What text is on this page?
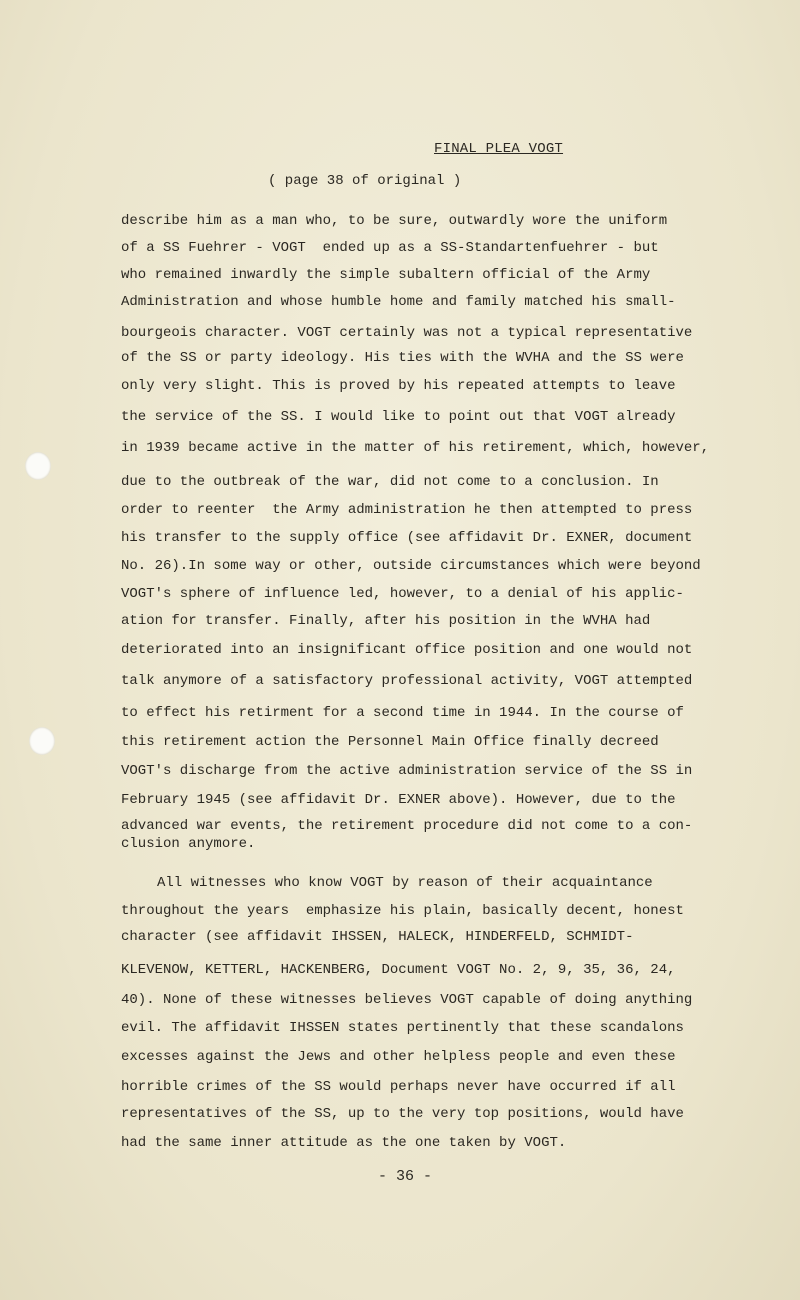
FINAL PLEA VOGT
( page 38 of original )
describe him as a man who, to be sure, outwardly wore the uniform
of a SS Fuehrer - VOGT  ended up as a SS-Standartenfuehrer - but
who remained inwardly the simple subaltern official of the Army
Administration and whose humble home and family matched his small-
bourgeois character. VOGT certainly was not a typical representative
of the SS or party ideology. His ties with the WVHA and the SS were
only very slight. This is proved by his repeated attempts to leave
the service of the SS. I would like to point out that VOGT already
in 1939 became active in the matter of his retirement, which, however,
due to the outbreak of the war, did not come to a conclusion. In
order to reenter  the Army administration he then attempted to press
his transfer to the supply office (see affidavit Dr. EXNER, document
No. 26).In some way or other, outside circumstances which were beyond
VOGT's sphere of influence led, however, to a denial of his applic-
ation for transfer. Finally, after his position in the WVHA had
deteriorated into an insignificant office position and one would not
talk anymore of a satisfactory professional activity, VOGT attempted
to effect his retirment for a second time in 1944. In the course of
this retirement action the Personnel Main Office finally decreed
VOGT's discharge from the active administration service of the SS in
February 1945 (see affidavit Dr. EXNER above). However, due to the
advanced war events, the retirement procedure did not come to a con-
clusion anymore.
All witnesses who know VOGT by reason of their acquaintance
throughout the years  emphasize his plain, basically decent, honest
character (see affidavit IHSSEN, HALECK, HINDERFELD, SCHMIDT-
KLEVENOW, KETTERL, HACKENBERG, Document VOGT No. 2, 9, 35, 36, 24,
40). None of these witnesses believes VOGT capable of doing anything
evil. The affidavit IHSSEN states pertinently that these scandalons
excesses against the Jews and other helpless people and even these
horrible crimes of the SS would perhaps never have occurred if all
representatives of the SS, up to the very top positions, would have
had the same inner attitude as the one taken by VOGT.
- 36 -
